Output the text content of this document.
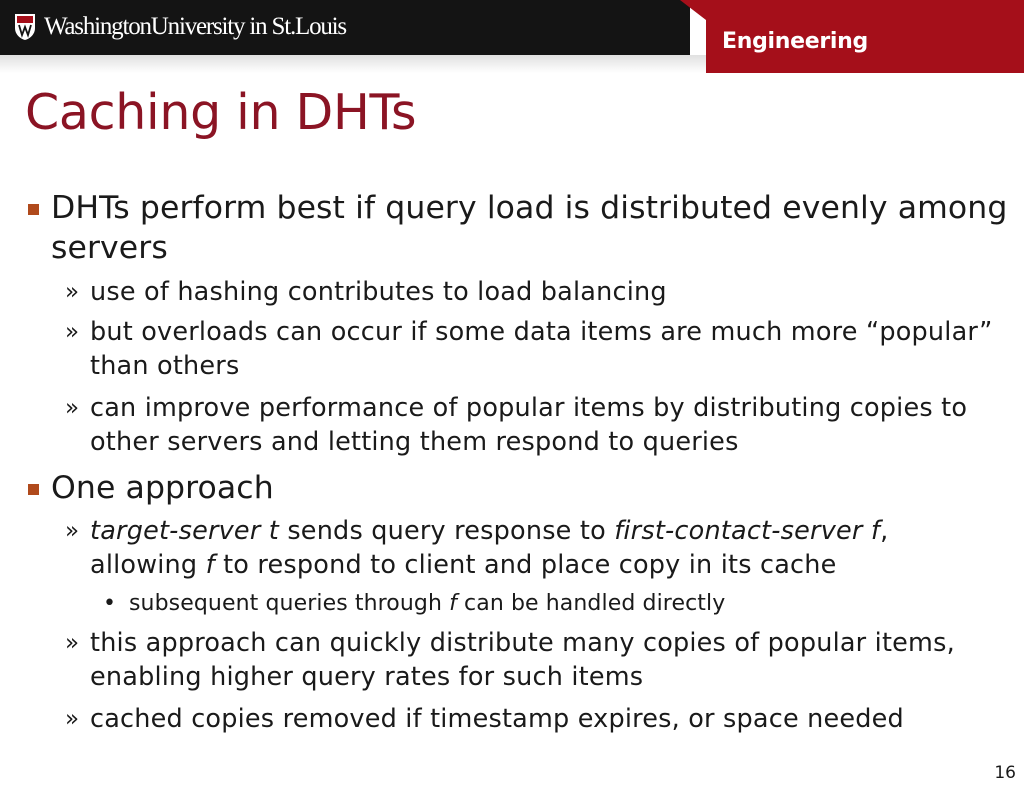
WashingtonUniversity in St.Louis
Engineering
Caching in DHTs
DHTs perform best if query load is distributed evenly among servers
» use of hashing contributes to load balancing
» but overloads can occur if some data items are much more “popular” than others
» can improve performance of popular items by distributing copies to other servers and letting them respond to queries
One approach
» target-server t sends query response to first-contact-server f, allowing f to respond to client and place copy in its cache
• subsequent queries through f can be handled directly
» this approach can quickly distribute many copies of popular items, enabling higher query rates for such items
» cached copies removed if timestamp expires, or space needed
16
